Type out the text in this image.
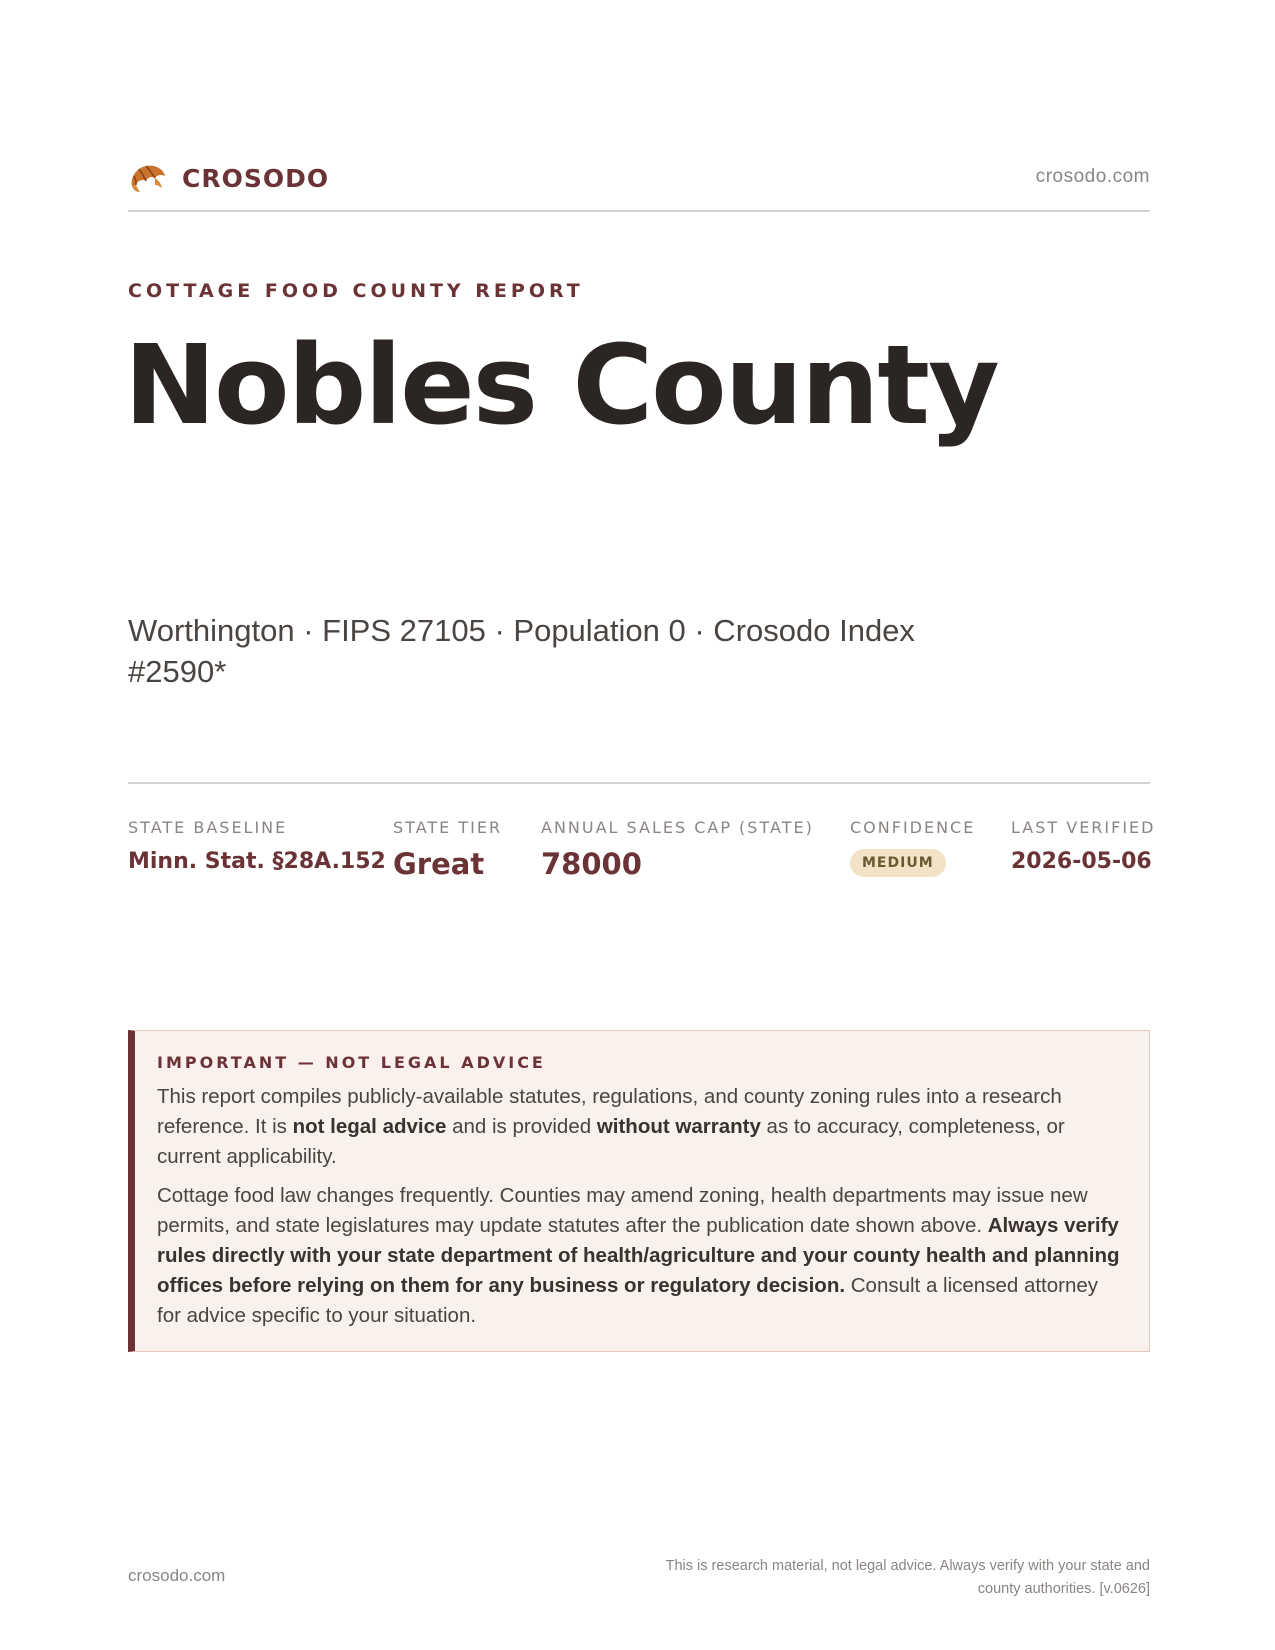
CROSODO	crosodo.com
COTTAGE FOOD COUNTY REPORT
Nobles County
Worthington · FIPS 27105 · Population 0 · Crosodo Index #2590*
STATE BASELINE
Minn. Stat. §28A.152
STATE TIER
Great
ANNUAL SALES CAP (STATE)
78000
CONFIDENCE
MEDIUM
LAST VERIFIED
2026-05-06
IMPORTANT — NOT LEGAL ADVICE

This report compiles publicly-available statutes, regulations, and county zoning rules into a research reference. It is not legal advice and is provided without warranty as to accuracy, completeness, or current applicability.

Cottage food law changes frequently. Counties may amend zoning, health departments may issue new permits, and state legislatures may update statutes after the publication date shown above. Always verify rules directly with your state department of health/agriculture and your county health and planning offices before relying on them for any business or regulatory decision. Consult a licensed attorney for advice specific to your situation.

crosodo.com	This is research material, not legal advice. Always verify with your state and county authorities. [v.0626]
